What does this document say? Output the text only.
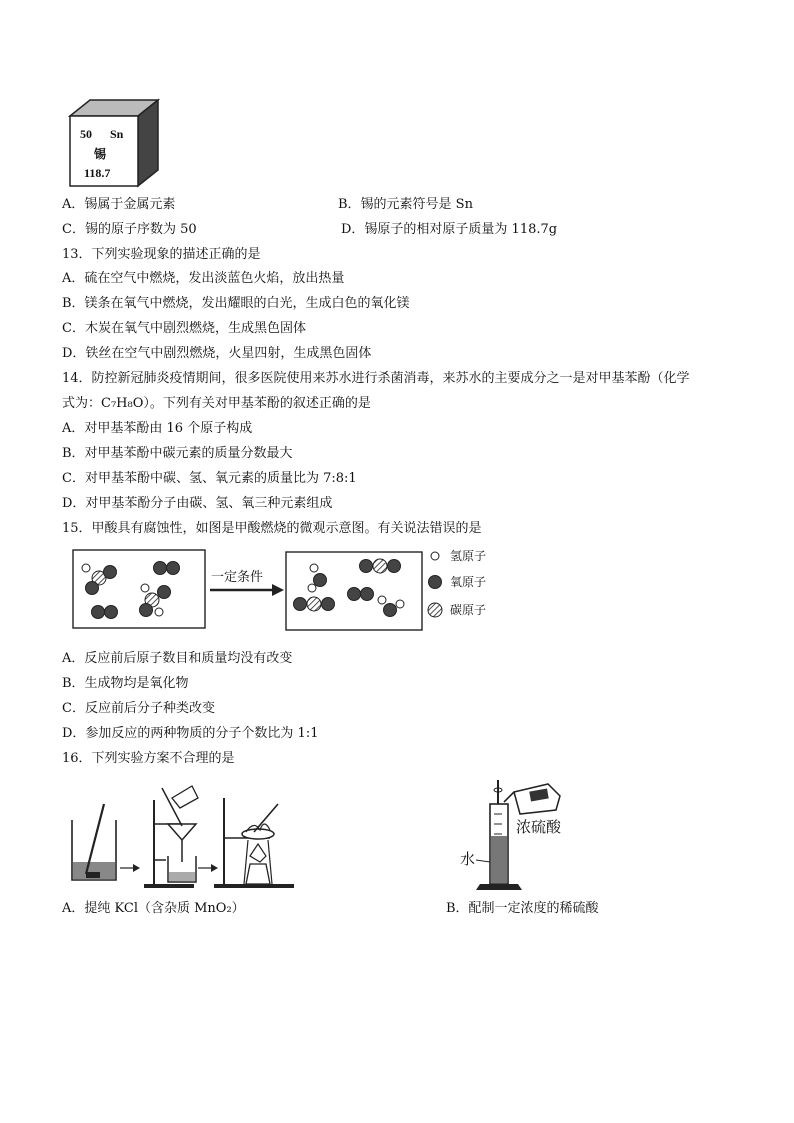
50 Sn
锡
118.7
A．锡属于金属元素	B．锡的元素符号是 Sn
C．锡的原子序数为 50	D．锡原子的相对原子质量为 118.7g
13．下列实验现象的描述正确的是
A．硫在空气中燃烧，发出淡蓝色火焰，放出热量
B．镁条在氧气中燃烧，发出耀眼的白光，生成白色的氧化镁
C．木炭在氧气中剧烈燃烧，生成黑色固体
D．铁丝在空气中剧烈燃烧，火星四射，生成黑色固体
14．防控新冠肺炎疫情期间，很多医院使用来苏水进行杀菌消毒，来苏水的主要成分之一是对甲基苯酚（化学
式为：C₇H₈O）。下列有关对甲基苯酚的叙述正确的是
A．对甲基苯酚由 16 个原子构成
B．对甲基苯酚中碳元素的质量分数最大
C．对甲基苯酚中碳、氢、氧元素的质量比为 7:8:1
D．对甲基苯酚分子由碳、氢、氧三种元素组成
15．甲酸具有腐蚀性，如图是甲酸燃烧的微观示意图。有关说法错误的是
一定条件
氢原子
氧原子
碳原子
A．反应前后原子数目和质量均没有改变
B．生成物均是氧化物
C．反应前后分子种类改变
D．参加反应的两种物质的分子个数比为 1:1
16．下列实验方案不合理的是
浓硫酸
水
A．提纯 KCl（含杂质 MnO₂）	B．配制一定浓度的稀硫酸
